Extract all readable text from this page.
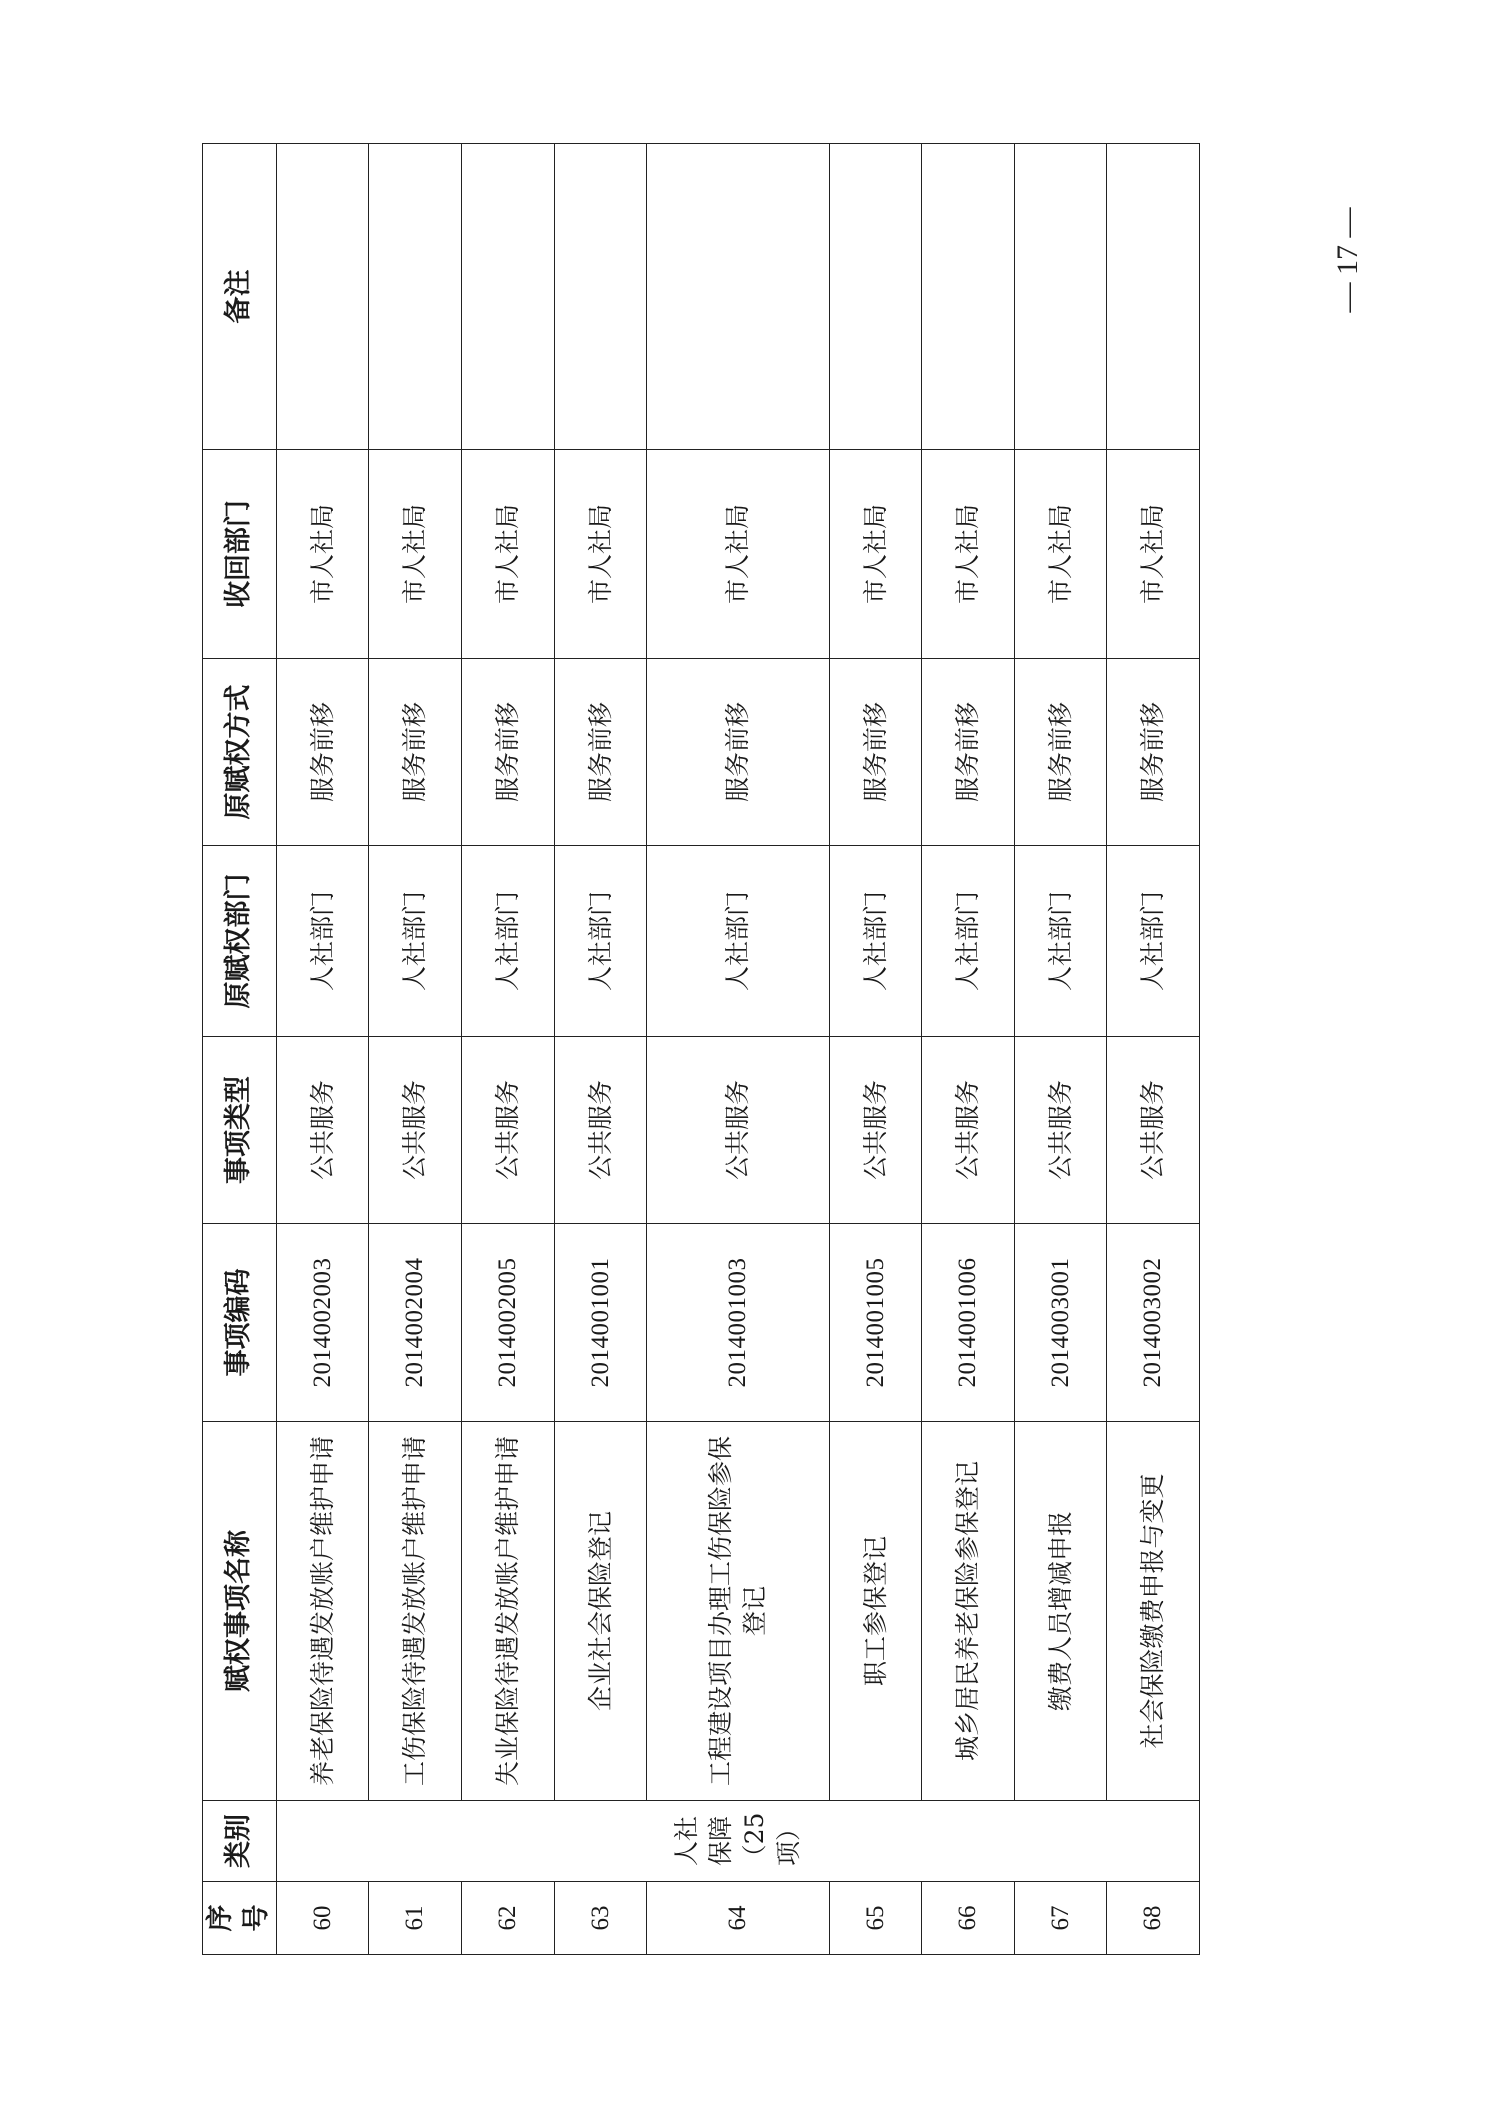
序号	类别	赋权事项名称	事项编码	事项类型	原赋权部门	原赋权方式	收回部门	备注
60	人社保障 （25 项）	养老保险待遇发放账户维护申请	2014002003	公共服务	人社部门	服务前移	市人社局	
61		工伤保险待遇发放账户维护申请	2014002004	公共服务	人社部门	服务前移	市人社局	
62		失业保险待遇发放账户维护申请	2014002005	公共服务	人社部门	服务前移	市人社局	
63		企业社会保险登记	2014001001	公共服务	人社部门	服务前移	市人社局	
64		工程建设项目办理工伤保险参保登记	2014001003	公共服务	人社部门	服务前移	市人社局	
65		职工参保登记	2014001005	公共服务	人社部门	服务前移	市人社局	
66		城乡居民养老保险参保登记	2014001006	公共服务	人社部门	服务前移	市人社局	
67		缴费人员增减申报	2014003001	公共服务	人社部门	服务前移	市人社局	
68		社会保险缴费申报与变更	2014003002	公共服务	人社部门	服务前移	市人社局	
— 17 —
